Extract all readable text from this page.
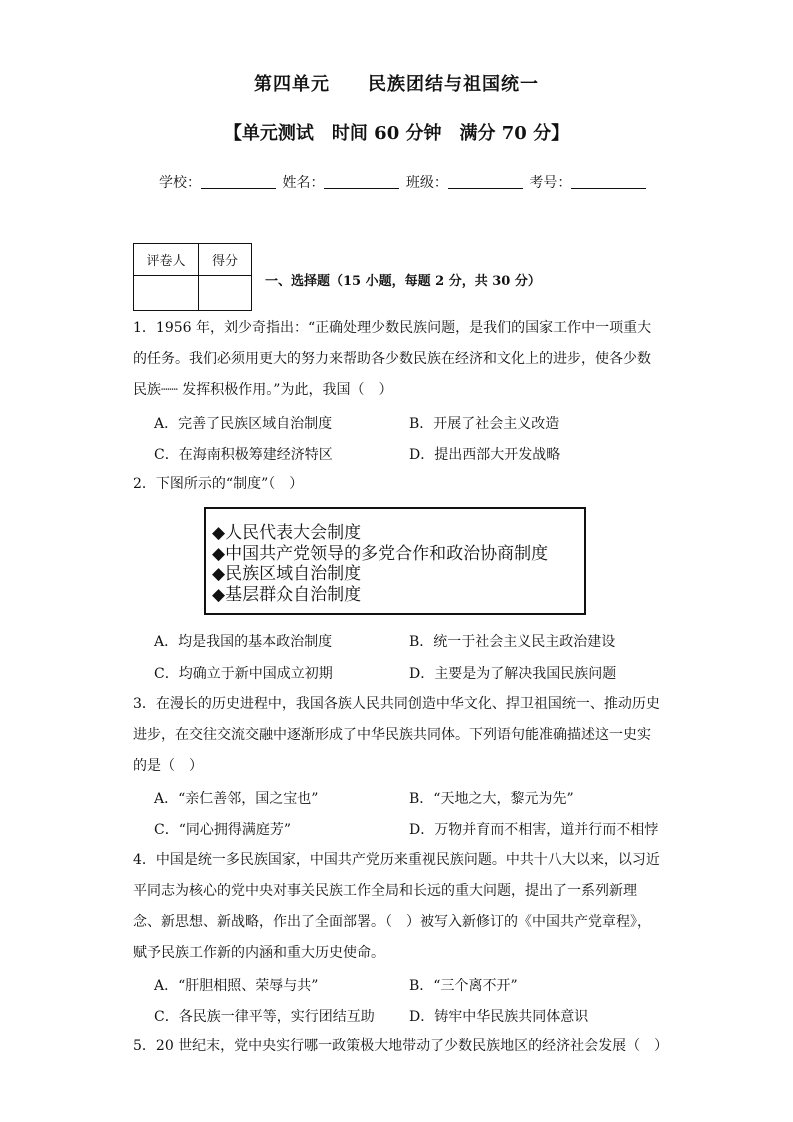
第四单元　　民族团结与祖国统一
【单元测试　时间 60 分钟　满分 70 分】
学校：	姓名：	班级：	考号：
评卷人	得分

一、选择题（15 小题，每题 2 分，共 30 分）
1．1956 年，刘少奇指出：“正确处理少数民族问题，是我们的国家工作中一项重大的任务。我们必须用更大的努力来帮助各少数民族在经济和文化上的进步，使各少数民族┈┈ 发挥积极作用。”为此，我国（　）
A．完善了民族区域自治制度	B．开展了社会主义改造
C．在海南积极筹建经济特区	D．提出西部大开发战略
2．下图所示的“制度”（　）
◆人民代表大会制度
◆中国共产党领导的多党合作和政治协商制度
◆民族区域自治制度
◆基层群众自治制度
A．均是我国的基本政治制度	B．统一于社会主义民主政治建设
C．均确立于新中国成立初期	D．主要是为了解决我国民族问题
3．在漫长的历史进程中，我国各族人民共同创造中华文化、捍卫祖国统一、推动历史进步，在交往交流交融中逐渐形成了中华民族共同体。下列语句能准确描述这一史实的是（　）
A．“亲仁善邻，国之宝也”	B．“天地之大，黎元为先”
C．“同心拥得满庭芳”	D．万物并育而不相害，道并行而不相悖
4．中国是统一多民族国家，中国共产党历来重视民族问题。中共十八大以来，以习近平同志为核心的党中央对事关民族工作全局和长远的重大问题，提出了一系列新理念、新思想、新战略，作出了全面部署。（　）被写入新修订的《中国共产党章程》，赋予民族工作新的内涵和重大历史使命。
A．“肝胆相照、荣辱与共”	B．“三个离不开”
C．各民族一律平等，实行团结互助 D．铸牢中华民族共同体意识
5．20 世纪末，党中央实行哪一政策极大地带动了少数民族地区的经济社会发展（　）
